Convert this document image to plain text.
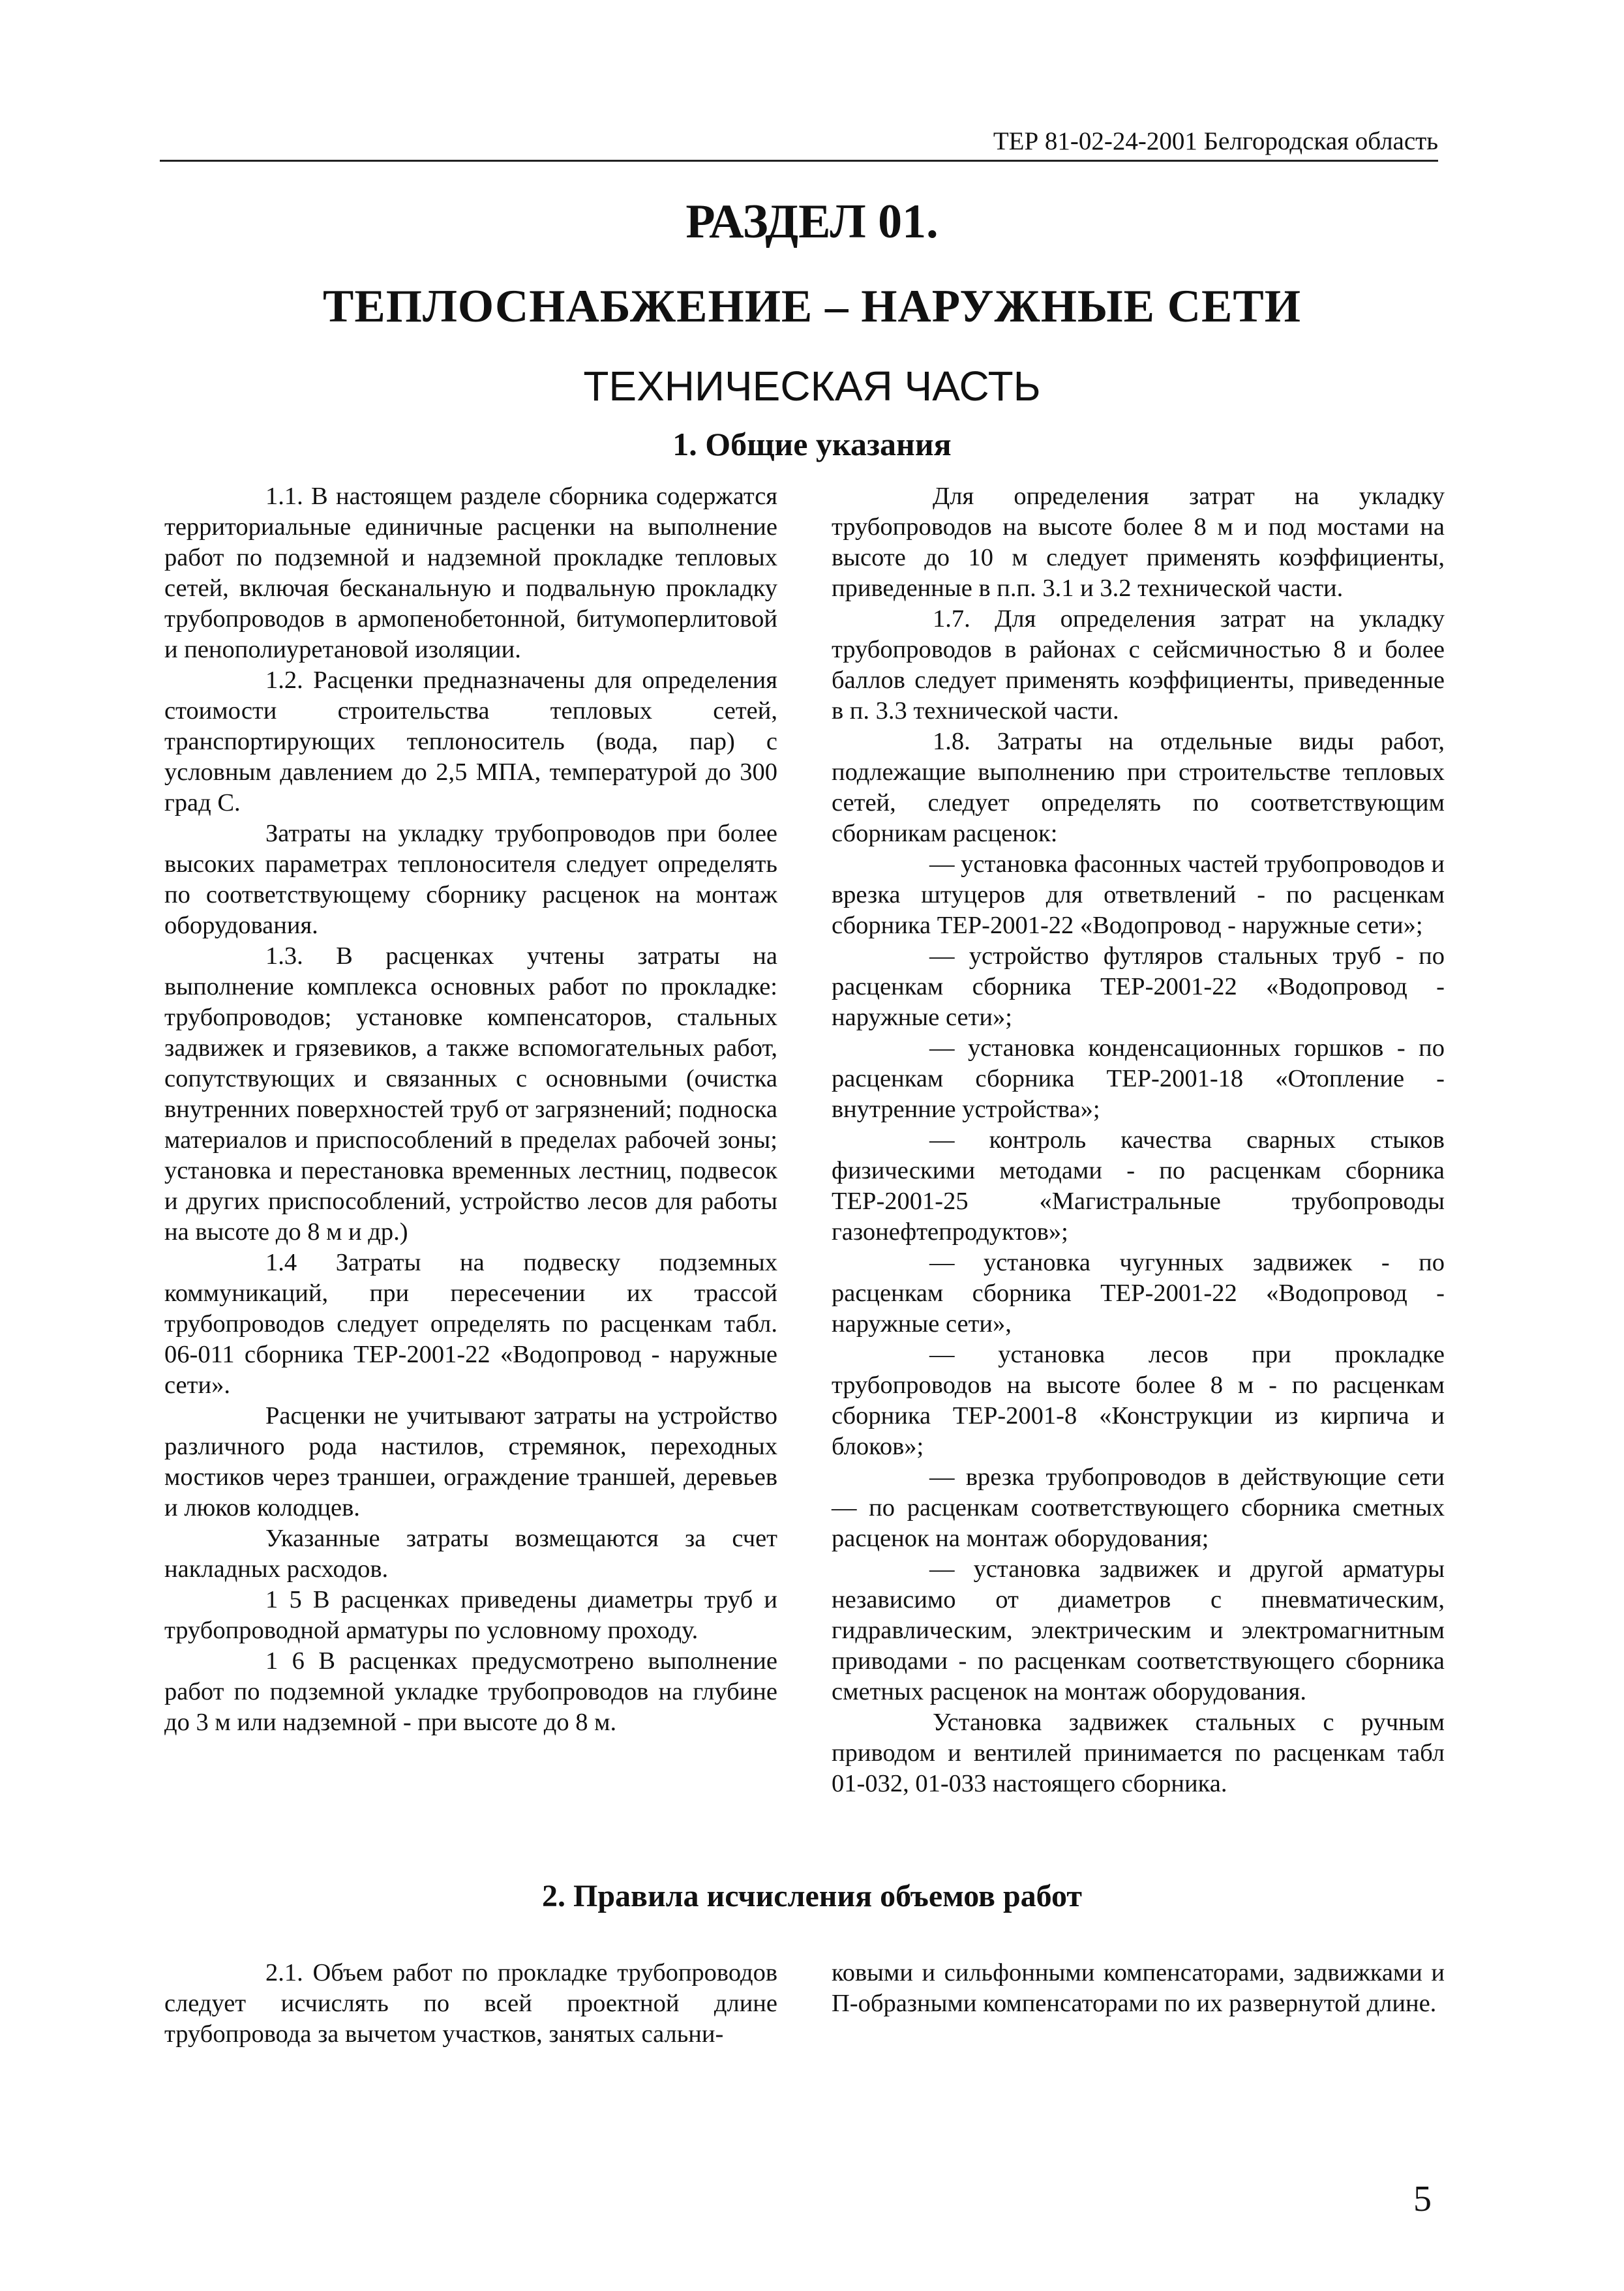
ТЕР 81-02-24-2001 Белгородская область
РАЗДЕЛ 01.
ТЕПЛОСНАБЖЕНИЕ – НАРУЖНЫЕ СЕТИ
ТЕХНИЧЕСКАЯ ЧАСТЬ
1. Общие указания

1.1. В настоящем разделе сборника содержатся территориальные единичные расценки на выполнение работ по подземной и надземной прокладке тепловых сетей, включая бесканальную и подвальную прокладку трубопроводов в армопенобетонной, битумоперлитовой и пенополиуретановой изоляции.

1.2. Расценки предназначены для определения стоимости строительства тепловых сетей, транспортирующих теплоноситель (вода, пар) с условным давлением до 2,5 МПА, температурой до 300 град С.

Затраты на укладку трубопроводов при более высоких параметрах теплоносителя следует определять по соответствующему сборнику расценок на монтаж оборудования.

1.3. В расценках учтены затраты на выполнение комплекса основных работ по прокладке: трубопроводов; установке компенсаторов, стальных задвижек и грязевиков, а также вспомогательных работ, сопутствующих и связанных с основными (очистка внутренних поверхностей труб от загрязнений; подноска материалов и приспособлений в пределах рабочей зоны; установка и перестановка временных лестниц, подвесок и других приспособлений, устройство лесов для работы на высоте до 8 м и др.)

1.4 Затраты на подвеску подземных коммуникаций, при пересечении их трассой трубопроводов следует определять по расценкам табл. 06-011 сборника ТЕР-2001-22 «Водопровод - наружные сети».

Расценки не учитывают затраты на устройство различного рода настилов, стремянок, переходных мостиков через траншеи, ограждение траншей, деревьев и люков колодцев.

Указанные затраты возмещаются за счет накладных расходов.

1 5 В расценках приведены диаметры труб и трубопроводной арматуры по условному проходу.

1 6 В расценках предусмотрено выполнение работ по подземной укладке трубопроводов на глубине до 3 м или надземной - при высоте до 8 м.

Для определения затрат на укладку трубопроводов на высоте более 8 м и под мостами на высоте до 10 м следует применять коэффициенты, приведенные в п.п. 3.1 и 3.2 технической части.

1.7. Для определения затрат на укладку трубопроводов в районах с сейсмичностью 8 и более баллов следует применять коэффициенты, приведенные в п. 3.3 технической части.

1.8. Затраты на отдельные виды работ, подлежащие выполнению при строительстве тепловых сетей, следует определять по соответствующим сборникам расценок:

— установка фасонных частей трубопроводов и врезка штуцеров для ответвлений - по расценкам сборника ТЕР-2001-22 «Водопровод - наружные сети»;

— устройство футляров стальных труб - по расценкам сборника ТЕР-2001-22 «Водопровод - наружные сети»;

— установка конденсационных горшков - по расценкам сборника ТЕР-2001-18 «Отопление - внутренние устройства»;

— контроль качества сварных стыков физическими методами - по расценкам сборника ТЕР-2001-25 «Магистральные трубопроводы газонефтепродуктов»;

— установка чугунных задвижек - по расценкам сборника ТЕР-2001-22 «Водопровод - наружные сети»,

— установка лесов при прокладке трубопроводов на высоте более 8 м - по расценкам сборника ТЕР-2001-8 «Конструкции из кирпича и блоков»;

— врезка трубопроводов в действующие сети — по расценкам соответствующего сборника сметных расценок на монтаж оборудования;

— установка задвижек и другой арматуры независимо от диаметров с пневматическим, гидравлическим, электрическим и электромагнитным приводами - по расценкам соответствующего сборника сметных расценок на монтаж оборудования.

Установка задвижек стальных с ручным приводом и вентилей принимается по расценкам табл 01-032, 01-033 настоящего сборника.

2. Правила исчисления объемов работ

2.1. Объем работ по прокладке трубопроводов следует исчислять по всей проектной длине трубопровода за вычетом участков, занятых сальни-

ковыми и сильфонными компенсаторами, задвижками и П-образными компенсаторами по их развернутой длине.

5
